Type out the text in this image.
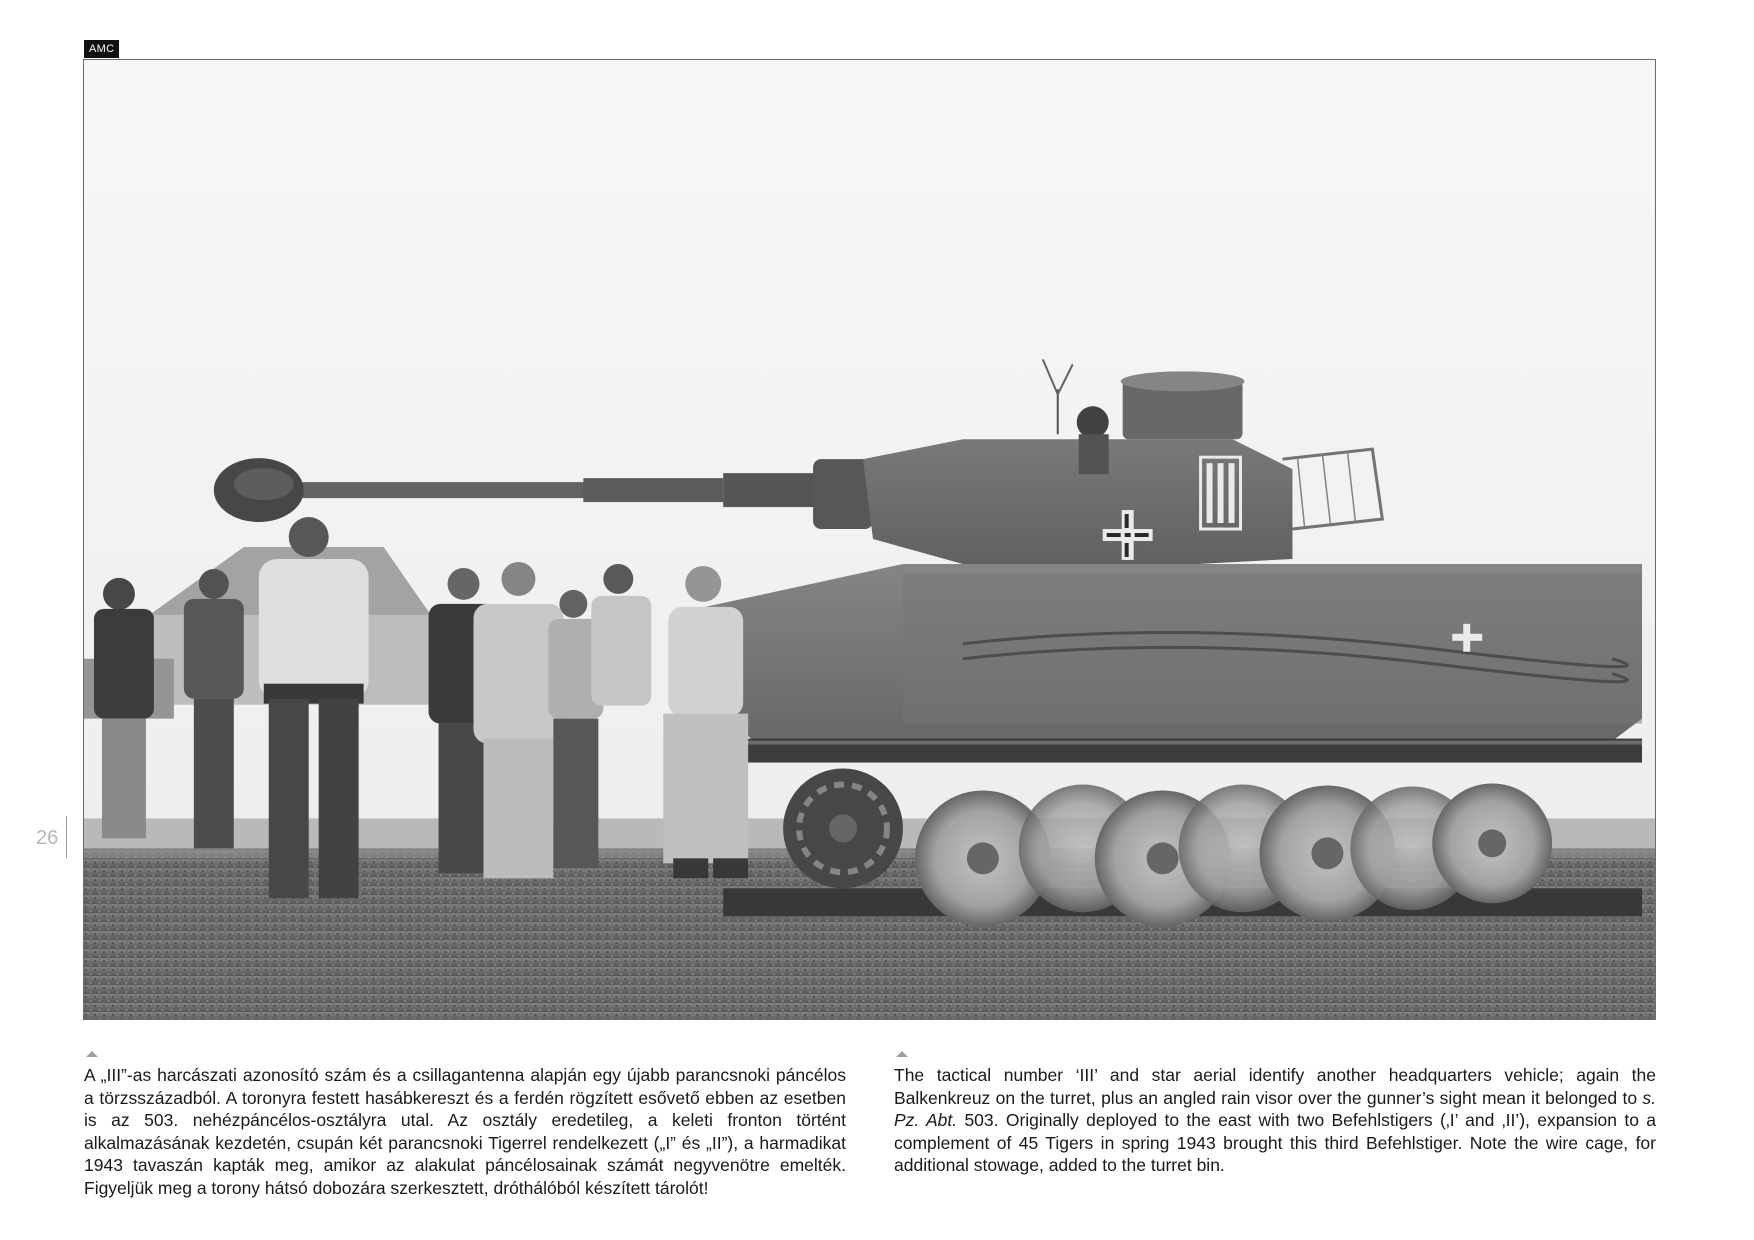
AMC
26
A „III”-as harcászati azonosító szám és a csillagantenna alapján egy újabb parancsnoki páncélos a törzsszázadból. A toronyra festett hasábkereszt és a ferdén rögzített esővető ebben az esetben is az 503. nehézpáncélos-osztályra utal. Az osztály eredetileg, a keleti fronton történt alkalmazásának kezdetén, csupán két parancsnoki Tigerrel rendelkezett („I” és „II”), a harmadikat 1943 tavaszán kapták meg, amikor az alakulat páncélosainak számát negyvenötre emelték. Figyeljük meg a torony hátsó dobozára szerkesztett, dróthálóból készített tárolót!
The tactical number ‘III’ and star aerial identify another headquarters vehicle; again the Balkenkreuz on the turret, plus an angled rain visor over the gunner’s sight mean it belonged to s. Pz. Abt. 503. Originally deployed to the east with two Befehlstigers (‚I’ and ‚II’), expansion to a complement of 45 Tigers in spring 1943 brought this third Befehlstiger. Note the wire cage, for additional stowage, added to the turret bin.
